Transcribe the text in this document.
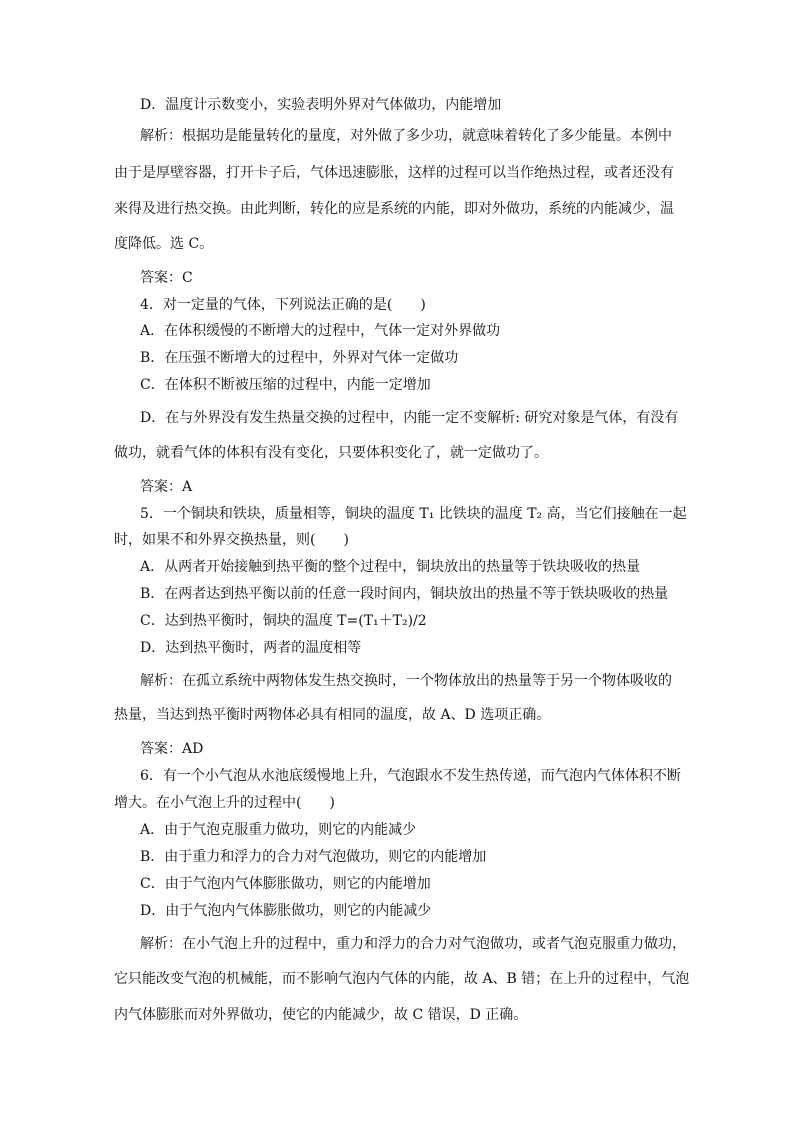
D．温度计示数变小，实验表明外界对气体做功，内能增加
解析：根据功是能量转化的量度，对外做了多少功，就意味着转化了多少能量。本例中
由于是厚壁容器，打开卡子后，气体迅速膨胀，这样的过程可以当作绝热过程，或者还没有
来得及进行热交换。由此判断，转化的应是系统的内能，即对外做功，系统的内能减少，温
度降低。选 C。
答案：C
4．对一定量的气体，下列说法正确的是(　　)
A．在体积缓慢的不断增大的过程中，气体一定对外界做功
B．在压强不断增大的过程中，外界对气体一定做功
C．在体积不断被压缩的过程中，内能一定增加
D．在与外界没有发生热量交换的过程中，内能一定不变解析: 研究对象是气体，有没有
做功，就看气体的体积有没有变化，只要体积变化了，就一定做功了。
答案：A
5．一个铜块和铁块，质量相等，铜块的温度 T₁ 比铁块的温度 T₂ 高，当它们接触在一起
时，如果不和外界交换热量，则(　　)
A．从两者开始接触到热平衡的整个过程中，铜块放出的热量等于铁块吸收的热量
B．在两者达到热平衡以前的任意一段时间内，铜块放出的热量不等于铁块吸收的热量
C．达到热平衡时，铜块的温度 T=(T₁＋T₂)/2
D．达到热平衡时，两者的温度相等
解析：在孤立系统中两物体发生热交换时，一个物体放出的热量等于另一个物体吸收的
热量，当达到热平衡时两物体必具有相同的温度，故 A、D 选项正确。
答案：AD
6．有一个小气泡从水池底缓慢地上升，气泡跟水不发生热传递，而气泡内气体体积不断
增大。在小气泡上升的过程中(　　)
A．由于气泡克服重力做功，则它的内能减少
B．由于重力和浮力的合力对气泡做功，则它的内能增加
C．由于气泡内气体膨胀做功，则它的内能增加
D．由于气泡内气体膨胀做功，则它的内能减少
解析：在小气泡上升的过程中，重力和浮力的合力对气泡做功，或者气泡克服重力做功，
它只能改变气泡的机械能，而不影响气泡内气体的内能，故 A、B 错；在上升的过程中，气泡
内气体膨胀而对外界做功，使它的内能减少，故 C 错误，D 正确。
